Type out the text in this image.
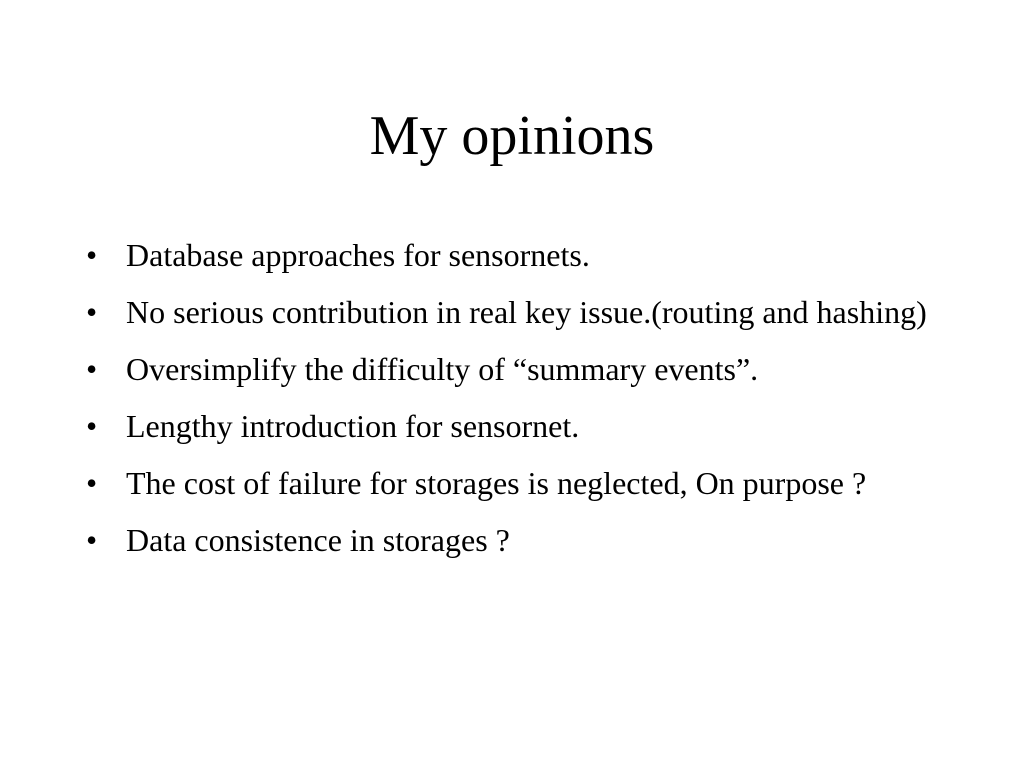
My opinions
• Database approaches for sensornets.
• No serious contribution in real key issue.(routing and hashing)
• Oversimplify the difficulty of “summary events”.
• Lengthy introduction for sensornet.
• The cost of failure for storages is neglected, On purpose ?
• Data consistence in storages ?
